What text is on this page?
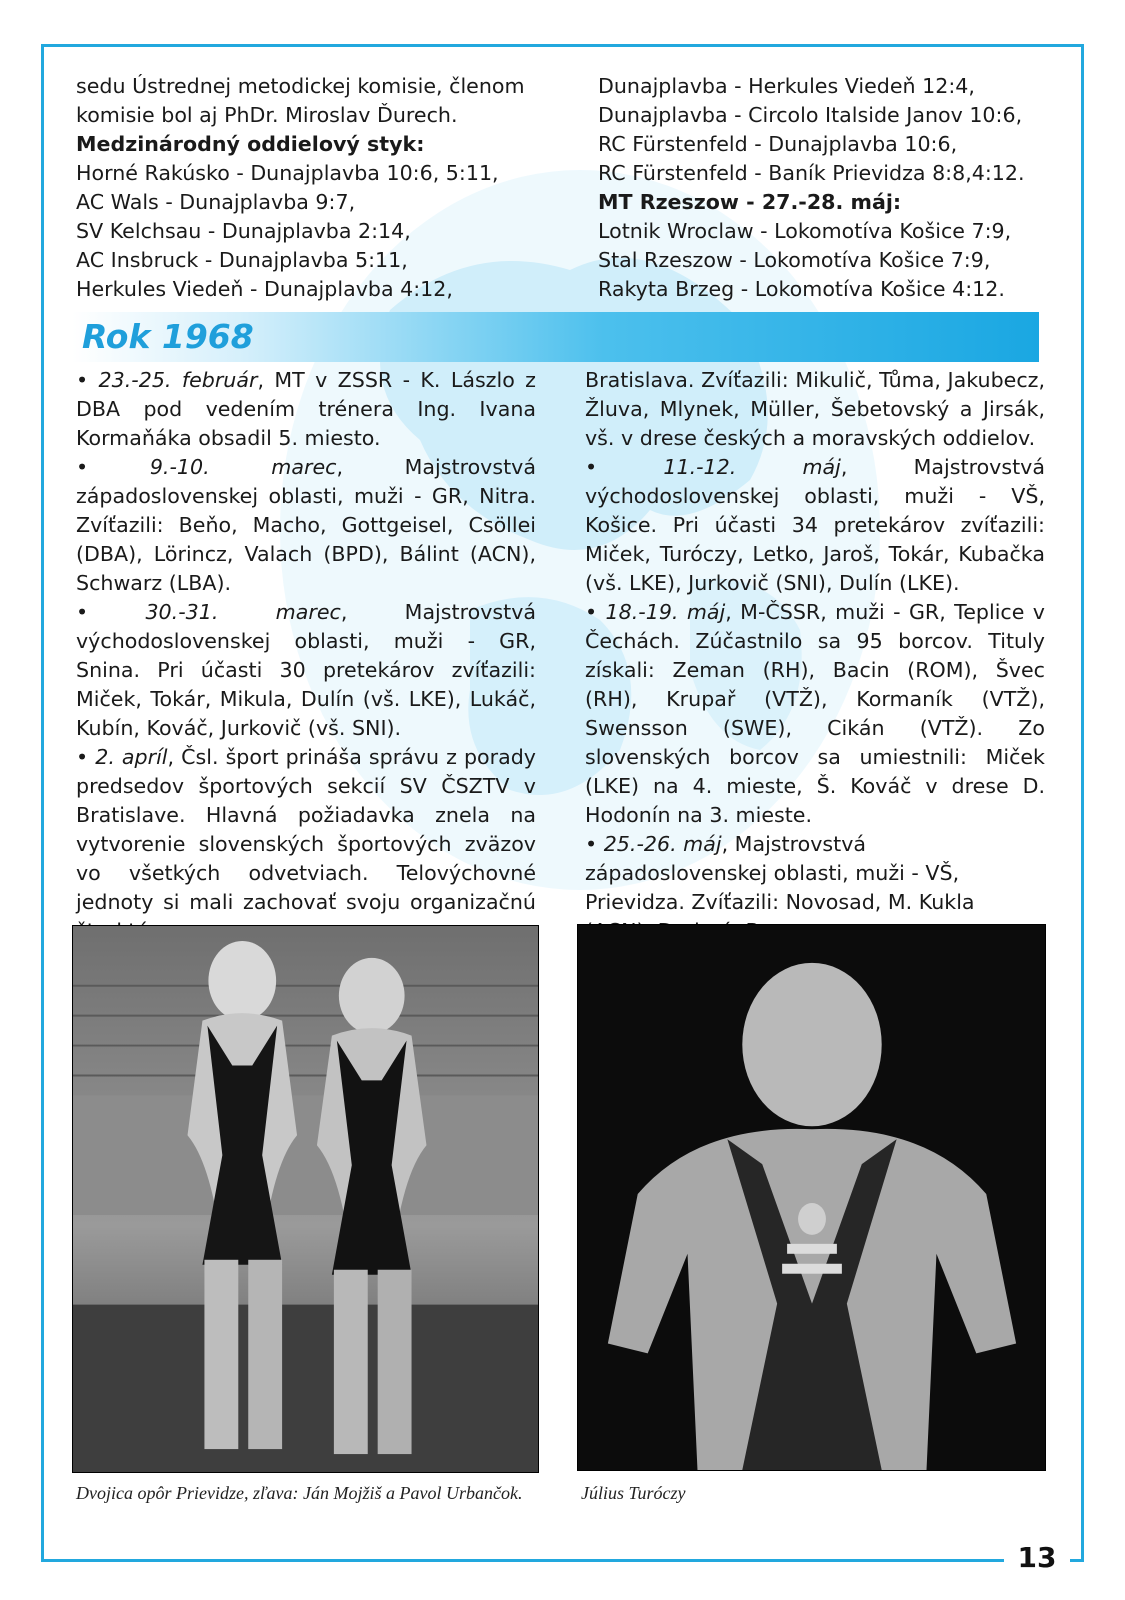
sedu Ústrednej metodickej komisie, členom

komisie bol aj PhDr. Miroslav Ďurech.

Medzinárodný oddielový styk:

Horné Rakúsko - Dunajplavba 10:6, 5:11,

AC Wals - Dunajplavba 9:7,

SV Kelchsau - Dunajplavba 2:14,

AC Insbruck - Dunajplavba 5:11,

Herkules Viedeň - Dunajplavba 4:12,

Dunajplavba - Herkules Viedeň 12:4,

Dunajplavba - Circolo Italside Janov 10:6,

RC Fürstenfeld - Dunajplavba 10:6,

RC Fürstenfeld - Baník Prievidza 8:8,4:12.

MT Rzeszow - 27.-28. máj:

Lotnik Wroclaw - Lokomotíva Košice 7:9,

Stal Rzeszow - Lokomotíva Košice 7:9,

Rakyta Brzeg - Lokomotíva Košice 4:12.

Rok 1968

• 23.-25. február, MT v ZSSR - K. Lászlo z DBA pod vedením trénera Ing. Ivana Kormaňáka obsadil 5. miesto.

• 9.-10. marec, Majstrovstvá západoslovenskej oblasti, muži - GR, Nitra. Zvíťazili: Beňo, Macho, Gottgeisel, Csöllei (DBA), Lörincz, Valach (BPD), Bálint (ACN), Schwarz (LBA).

• 30.-31. marec, Majstrovstvá východoslovenskej oblasti, muži - GR, Snina. Pri účasti 30 pretekárov zvíťazili: Miček, Tokár, Mikula, Dulín (vš. LKE), Lukáč, Kubín, Kováč, Jurkovič (vš. SNI).

• 2. apríl, Čsl. šport prináša správu z porady predsedov športových sekcií SV ČSZTV v Bratislave. Hlavná požiadavka znela na vytvorenie slovenských športových zväzov vo všetkých odvetviach. Telovýchovné jednoty si mali zachovať svoju organizačnú

Bratislava. Zvíťazili: Mikulič, Tůma, Jakubecz, Žluva, Mlynek, Müller, Šebetovský a Jirsák, vš. v drese českých a moravských oddielov.

• 11.-12. máj, Majstrovstvá východoslovenskej oblasti, muži - VŠ, Košice. Pri účasti 34 pretekárov zvíťazili: Miček, Turóczy, Letko, Jaroš, Tokár, Kubačka (vš. LKE), Jurkovič (SNI), Dulín (LKE).

• 18.-19. máj, M-ČSSR, muži - GR, Teplice v Čechách. Zúčastnilo sa 95 borcov. Tituly získali: Zeman (RH), Bacin (ROM), Švec (RH), Krupař (VTŽ), Kormaník (VTŽ), Swensson (SWE), Cikán (VTŽ). Zo slovenských borcov sa umiestnili: Miček (LKE) na 4. mieste, Š. Kováč v drese D. Hodonín na 3. mieste.

• 25.-26. máj, Majstrovstvá západoslovenskej oblasti, muži - VŠ, Prievidza. Zvíťazili: Novosad, M. Kukla

Dvojica opôr Prievidze, zľava: Ján Mojžiš a Pavol Urbančok.	Július Turóczy
13
